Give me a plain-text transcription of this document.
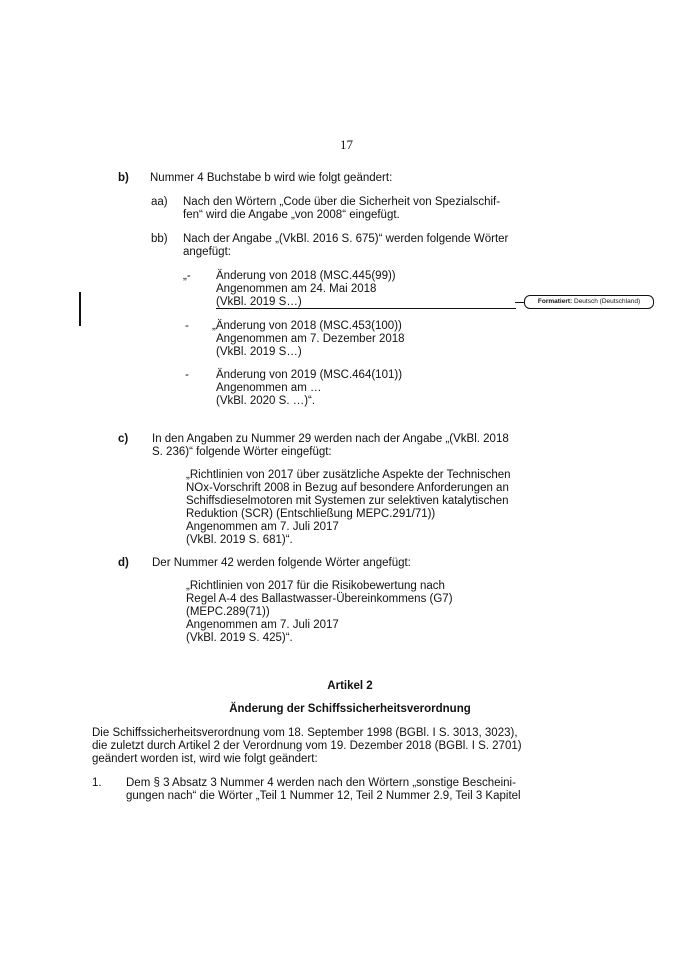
17
b) Nummer 4 Buchstabe b wird wie folgt geändert:
aa) Nach den Wörtern „Code über die Sicherheit von Spezialschif-
fen“ wird die Angabe „von 2008“ eingefügt.
bb) Nach der Angabe „(VkBl. 2016 S. 675)“ werden folgende Wörter
angefügt:
„- Änderung von 2018 (MSC.445(99))
Angenommen am 24. Mai 2018
(VkBl. 2019 S…)	Formatiert: Deutsch (Deutschland)
- „Änderung von 2018 (MSC.453(100))
Angenommen am 7. Dezember 2018
(VkBl. 2019 S…)
- Änderung von 2019 (MSC.464(101))
Angenommen am …
(VkBl. 2020 S. …)“.
c) In den Angaben zu Nummer 29 werden nach der Angabe „(VkBl. 2018
S. 236)“ folgende Wörter eingefügt:
„Richtlinien von 2017 über zusätzliche Aspekte der Technischen
NOx-Vorschrift 2008 in Bezug auf besondere Anforderungen an
Schiffsdieselmotoren mit Systemen zur selektiven katalytischen
Reduktion (SCR) (Entschließung MEPC.291/71))
Angenommen am 7. Juli 2017
(VkBl. 2019 S. 681)“.
d) Der Nummer 42 werden folgende Wörter angefügt:
„Richtlinien von 2017 für die Risikobewertung nach
Regel A-4 des Ballastwasser-Übereinkommens (G7)
(MEPC.289(71))
Angenommen am 7. Juli 2017
(VkBl. 2019 S. 425)“.
Artikel 2
Änderung der Schiffssicherheitsverordnung
Die Schiffssicherheitsverordnung vom 18. September 1998 (BGBl. I S. 3013, 3023),
die zuletzt durch Artikel 2 der Verordnung vom 19. Dezember 2018 (BGBl. I S. 2701)
geändert worden ist, wird wie folgt geändert:
1. Dem § 3 Absatz 3 Nummer 4 werden nach den Wörtern „sonstige Bescheini-
gungen nach“ die Wörter „Teil 1 Nummer 12, Teil 2 Nummer 2.9, Teil 3 Kapitel
